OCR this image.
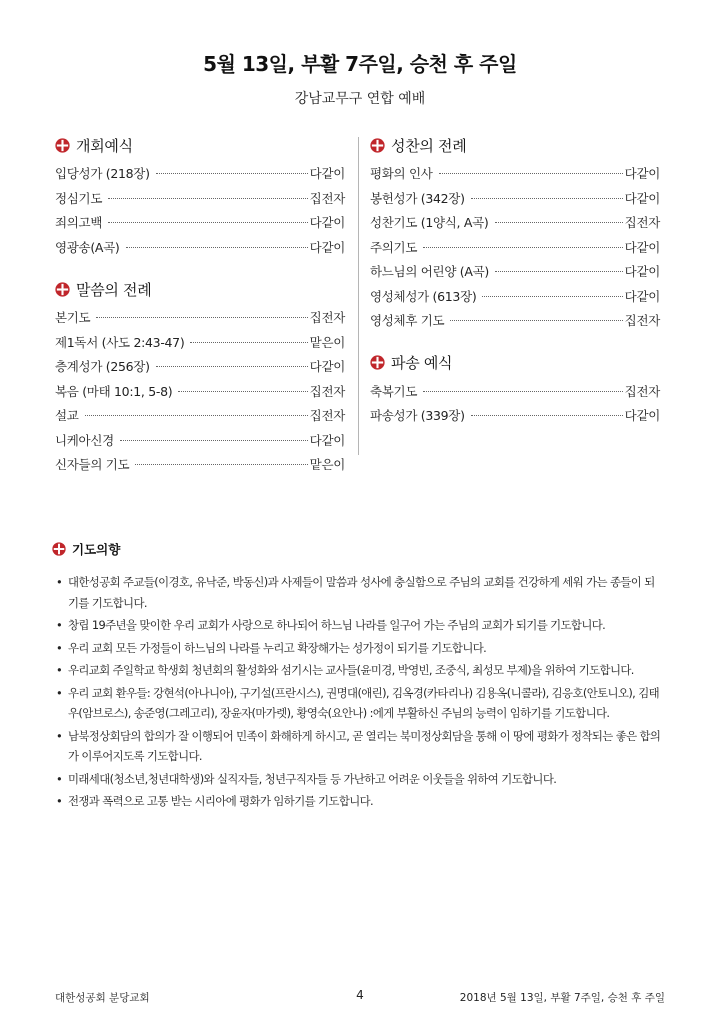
5월 13일, 부활 7주일, 승천 후 주일
강남교무구 연합 예배
개회예식
입당성가 (218장)	다같이
정심기도	집전자
죄의고백	다같이
영광송(A곡)	다같이
말씀의 전례
본기도	집전자
제1독서 (사도 2:43-47)	맡은이
층계성가 (256장)	다같이
복음 (마태 10:1, 5-8)	집전자
설교	집전자
니케아신경	다같이
신자들의 기도	맡은이
성찬의 전례
평화의 인사	다같이
봉헌성가 (342장)	다같이
성찬기도 (1양식, A곡)	집전자
주의기도	다같이
하느님의 어린양 (A곡)	다같이
영성체성가 (613장)	다같이
영성체후 기도	집전자
파송 예식
축복기도	집전자
파송성가 (339장)	다같이
기도의향
• 대한성공회 주교들(이경호, 유낙준, 박동신)과 사제들이 말씀과 성사에 충실함으로 주님의 교회를 건강하게 세워 가는 종들이 되기를 기도합니다.
• 창립 19주년을 맞이한 우리 교회가 사랑으로 하나되어 하느님 나라를 일구어 가는 주님의 교회가 되기를 기도합니다.
• 우리 교회 모든 가정들이 하느님의 나라를 누리고 확장해가는 성가정이 되기를 기도합니다.
• 우리교회 주일학교 학생회 청년회의 활성화와 섬기시는 교사들(윤미경, 박영빈, 조중식, 최성모 부제)을 위하여 기도합니다.
• 우리 교회 환우들: 강현석(아나니아), 구기설(프란시스), 권명대(애린), 김옥경(카타리나) 김용옥(니콜라), 김응호(안토니오), 김태우(암브로스), 송준영(그레고리), 장윤자(마가렛), 황영숙(요안나) :에게 부활하신 주님의 능력이 임하기를 기도합니다.
• 남북정상회담의 합의가 잘 이행되어 민족이 화해하게 하시고, 곧 열리는 북미정상회담을 통해 이 땅에 평화가 정착되는 좋은 합의가 이루어지도록 기도합니다.
• 미래세대(청소년,청년대학생)와 실직자들, 청년구직자들 등 가난하고 어려운 이웃들을 위하여 기도합니다.
• 전쟁과 폭력으로 고통 받는 시리아에 평화가 임하기를 기도합니다.
대한성공회 분당교회	4	2018년 5월 13일, 부활 7주일, 승천 후 주일
